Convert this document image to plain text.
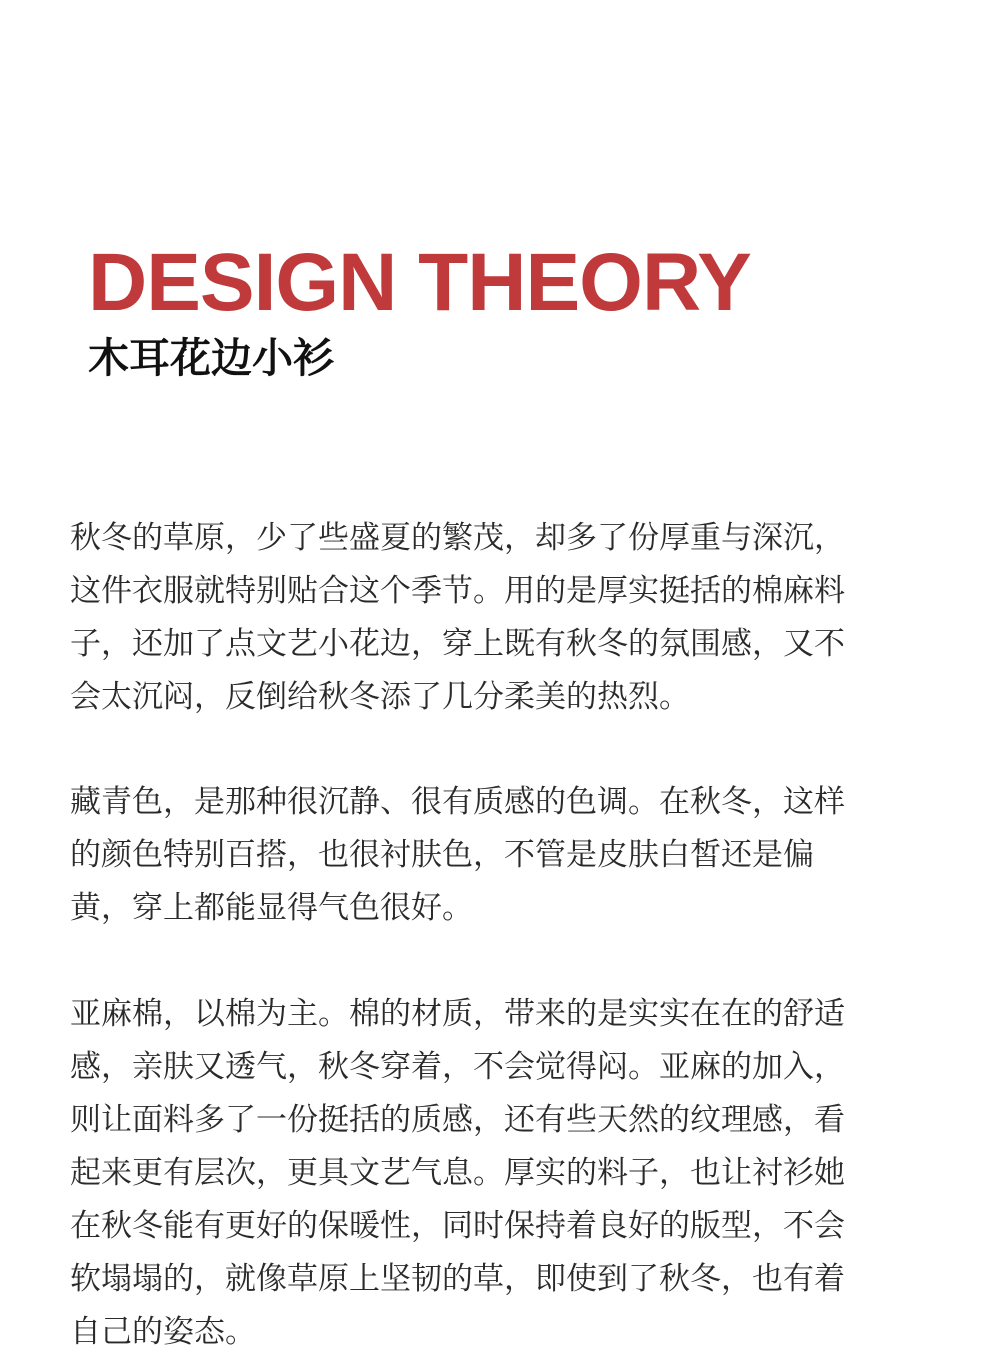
DESIGN THEORY
木耳花边小衫

秋冬的草原，少了些盛夏的繁茂，却多了份厚重与深沉，
这件衣服就特别贴合这个季节。用的是厚实挺括的棉麻料
子，还加了点文艺小花边，穿上既有秋冬的氛围感，又不
会太沉闷，反倒给秋冬添了几分柔美的热烈。

藏青色，是那种很沉静、很有质感的色调。在秋冬，这样
的颜色特别百搭，也很衬肤色，不管是皮肤白皙还是偏
黄，穿上都能显得气色很好。

亚麻棉，以棉为主。棉的材质，带来的是实实在在的舒适
感，亲肤又透气，秋冬穿着，不会觉得闷。亚麻的加入，
则让面料多了一份挺括的质感，还有些天然的纹理感，看
起来更有层次，更具文艺气息。厚实的料子，也让衬衫她
在秋冬能有更好的保暖性，同时保持着良好的版型，不会
软塌塌的，就像草原上坚韧的草，即使到了秋冬，也有着
自己的姿态。
